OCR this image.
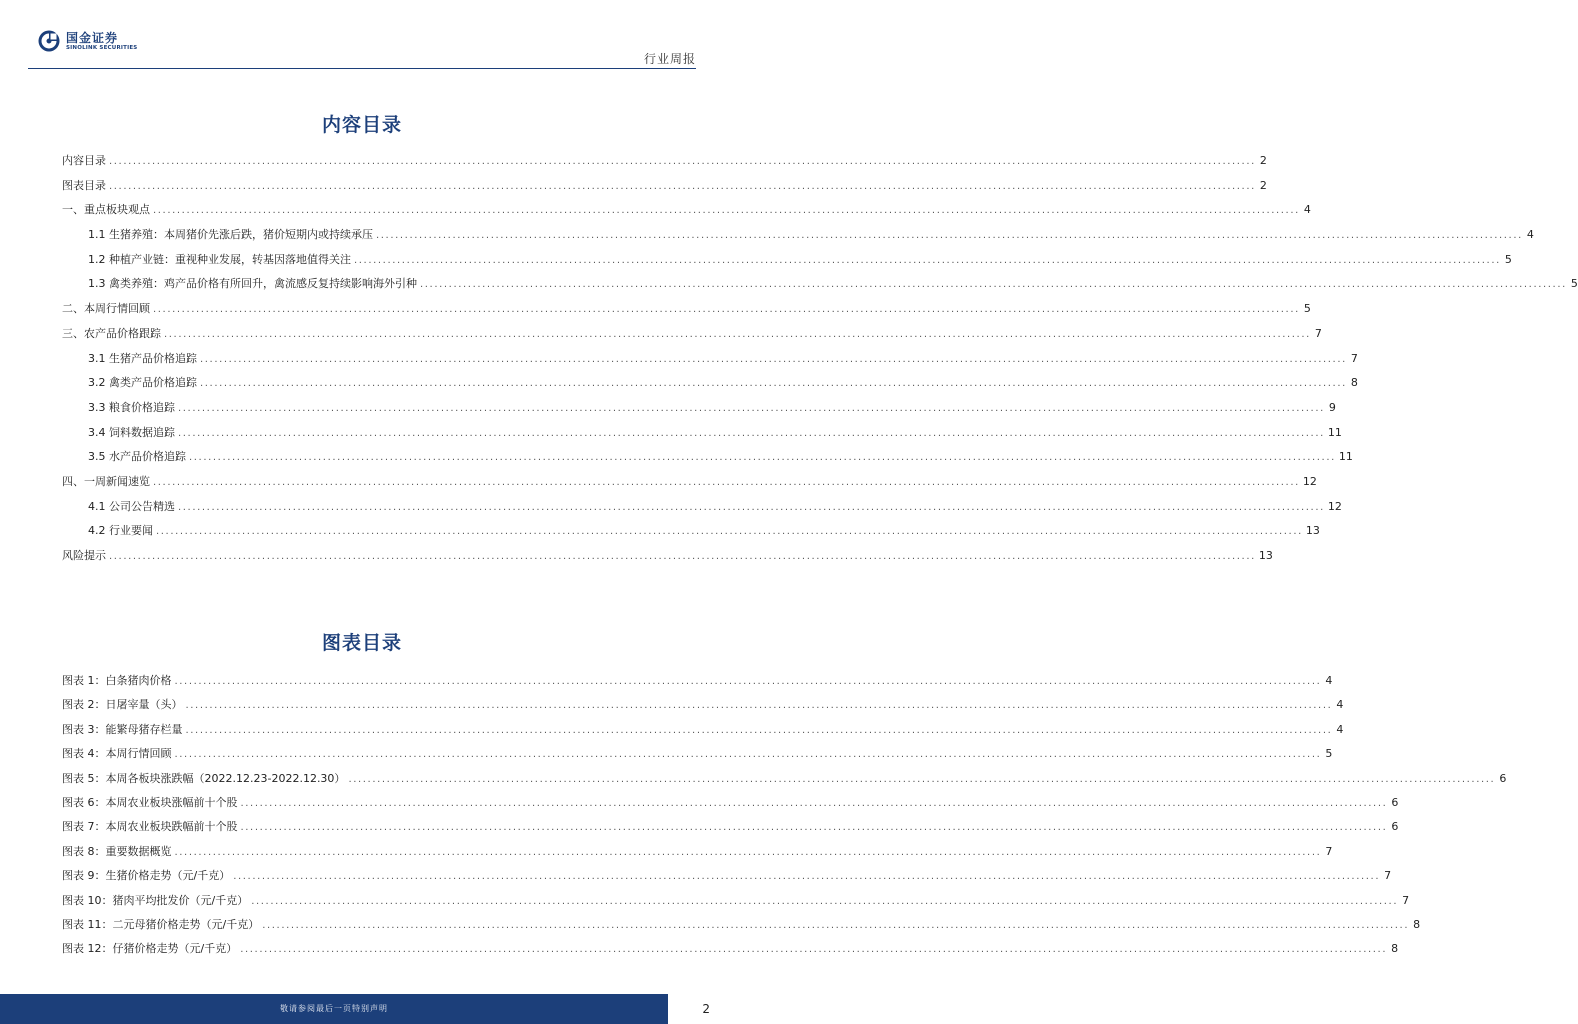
国金证券
SINOLINK SECURITIES
行业周报
内容目录
内容目录 ................................................................................................................................................................................................................................................ 2
图表目录 ................................................................................................................................................................................................................................................ 2
一、重点板块观点 ................................................................................................................................................................................................................................................ 4
1.1 生猪养殖：本周猪价先涨后跌，猪价短期内或持续承压 ................................................................................................................................................................................................................................................ 4
1.2 种植产业链：重视种业发展，转基因落地值得关注 ................................................................................................................................................................................................................................................ 5
1.3 禽类养殖：鸡产品价格有所回升，禽流感反复持续影响海外引种 ................................................................................................................................................................................................................................................ 5
二、本周行情回顾 ................................................................................................................................................................................................................................................ 5
三、农产品价格跟踪 ................................................................................................................................................................................................................................................ 7
3.1 生猪产品价格追踪 ................................................................................................................................................................................................................................................ 7
3.2 禽类产品价格追踪 ................................................................................................................................................................................................................................................ 8
3.3 粮食价格追踪 ................................................................................................................................................................................................................................................ 9
3.4 饲料数据追踪 ................................................................................................................................................................................................................................................ 11
3.5 水产品价格追踪 ................................................................................................................................................................................................................................................ 11
四、一周新闻速览 ................................................................................................................................................................................................................................................ 12
4.1 公司公告精选 ................................................................................................................................................................................................................................................ 12
4.2 行业要闻 ................................................................................................................................................................................................................................................ 13
风险提示 ................................................................................................................................................................................................................................................ 13
图表目录
图表 1： 白条猪肉价格 ................................................................................................................................................................................................................................................ 4
图表 2： 日屠宰量（头） ................................................................................................................................................................................................................................................ 4
图表 3： 能繁母猪存栏量 ................................................................................................................................................................................................................................................ 4
图表 4： 本周行情回顾 ................................................................................................................................................................................................................................................ 5
图表 5： 本周各板块涨跌幅（2022.12.23-2022.12.30） ................................................................................................................................................................................................................................................ 6
图表 6： 本周农业板块涨幅前十个股 ................................................................................................................................................................................................................................................ 6
图表 7： 本周农业板块跌幅前十个股 ................................................................................................................................................................................................................................................ 6
图表 8： 重要数据概览 ................................................................................................................................................................................................................................................ 7
图表 9： 生猪价格走势（元/千克） ................................................................................................................................................................................................................................................ 7
图表 10： 猪肉平均批发价（元/千克） ................................................................................................................................................................................................................................................ 7
图表 11： 二元母猪价格走势（元/千克） ................................................................................................................................................................................................................................................ 8
图表 12： 仔猪价格走势（元/千克） ................................................................................................................................................................................................................................................ 8
敬请参阅最后一页特别声明	2
